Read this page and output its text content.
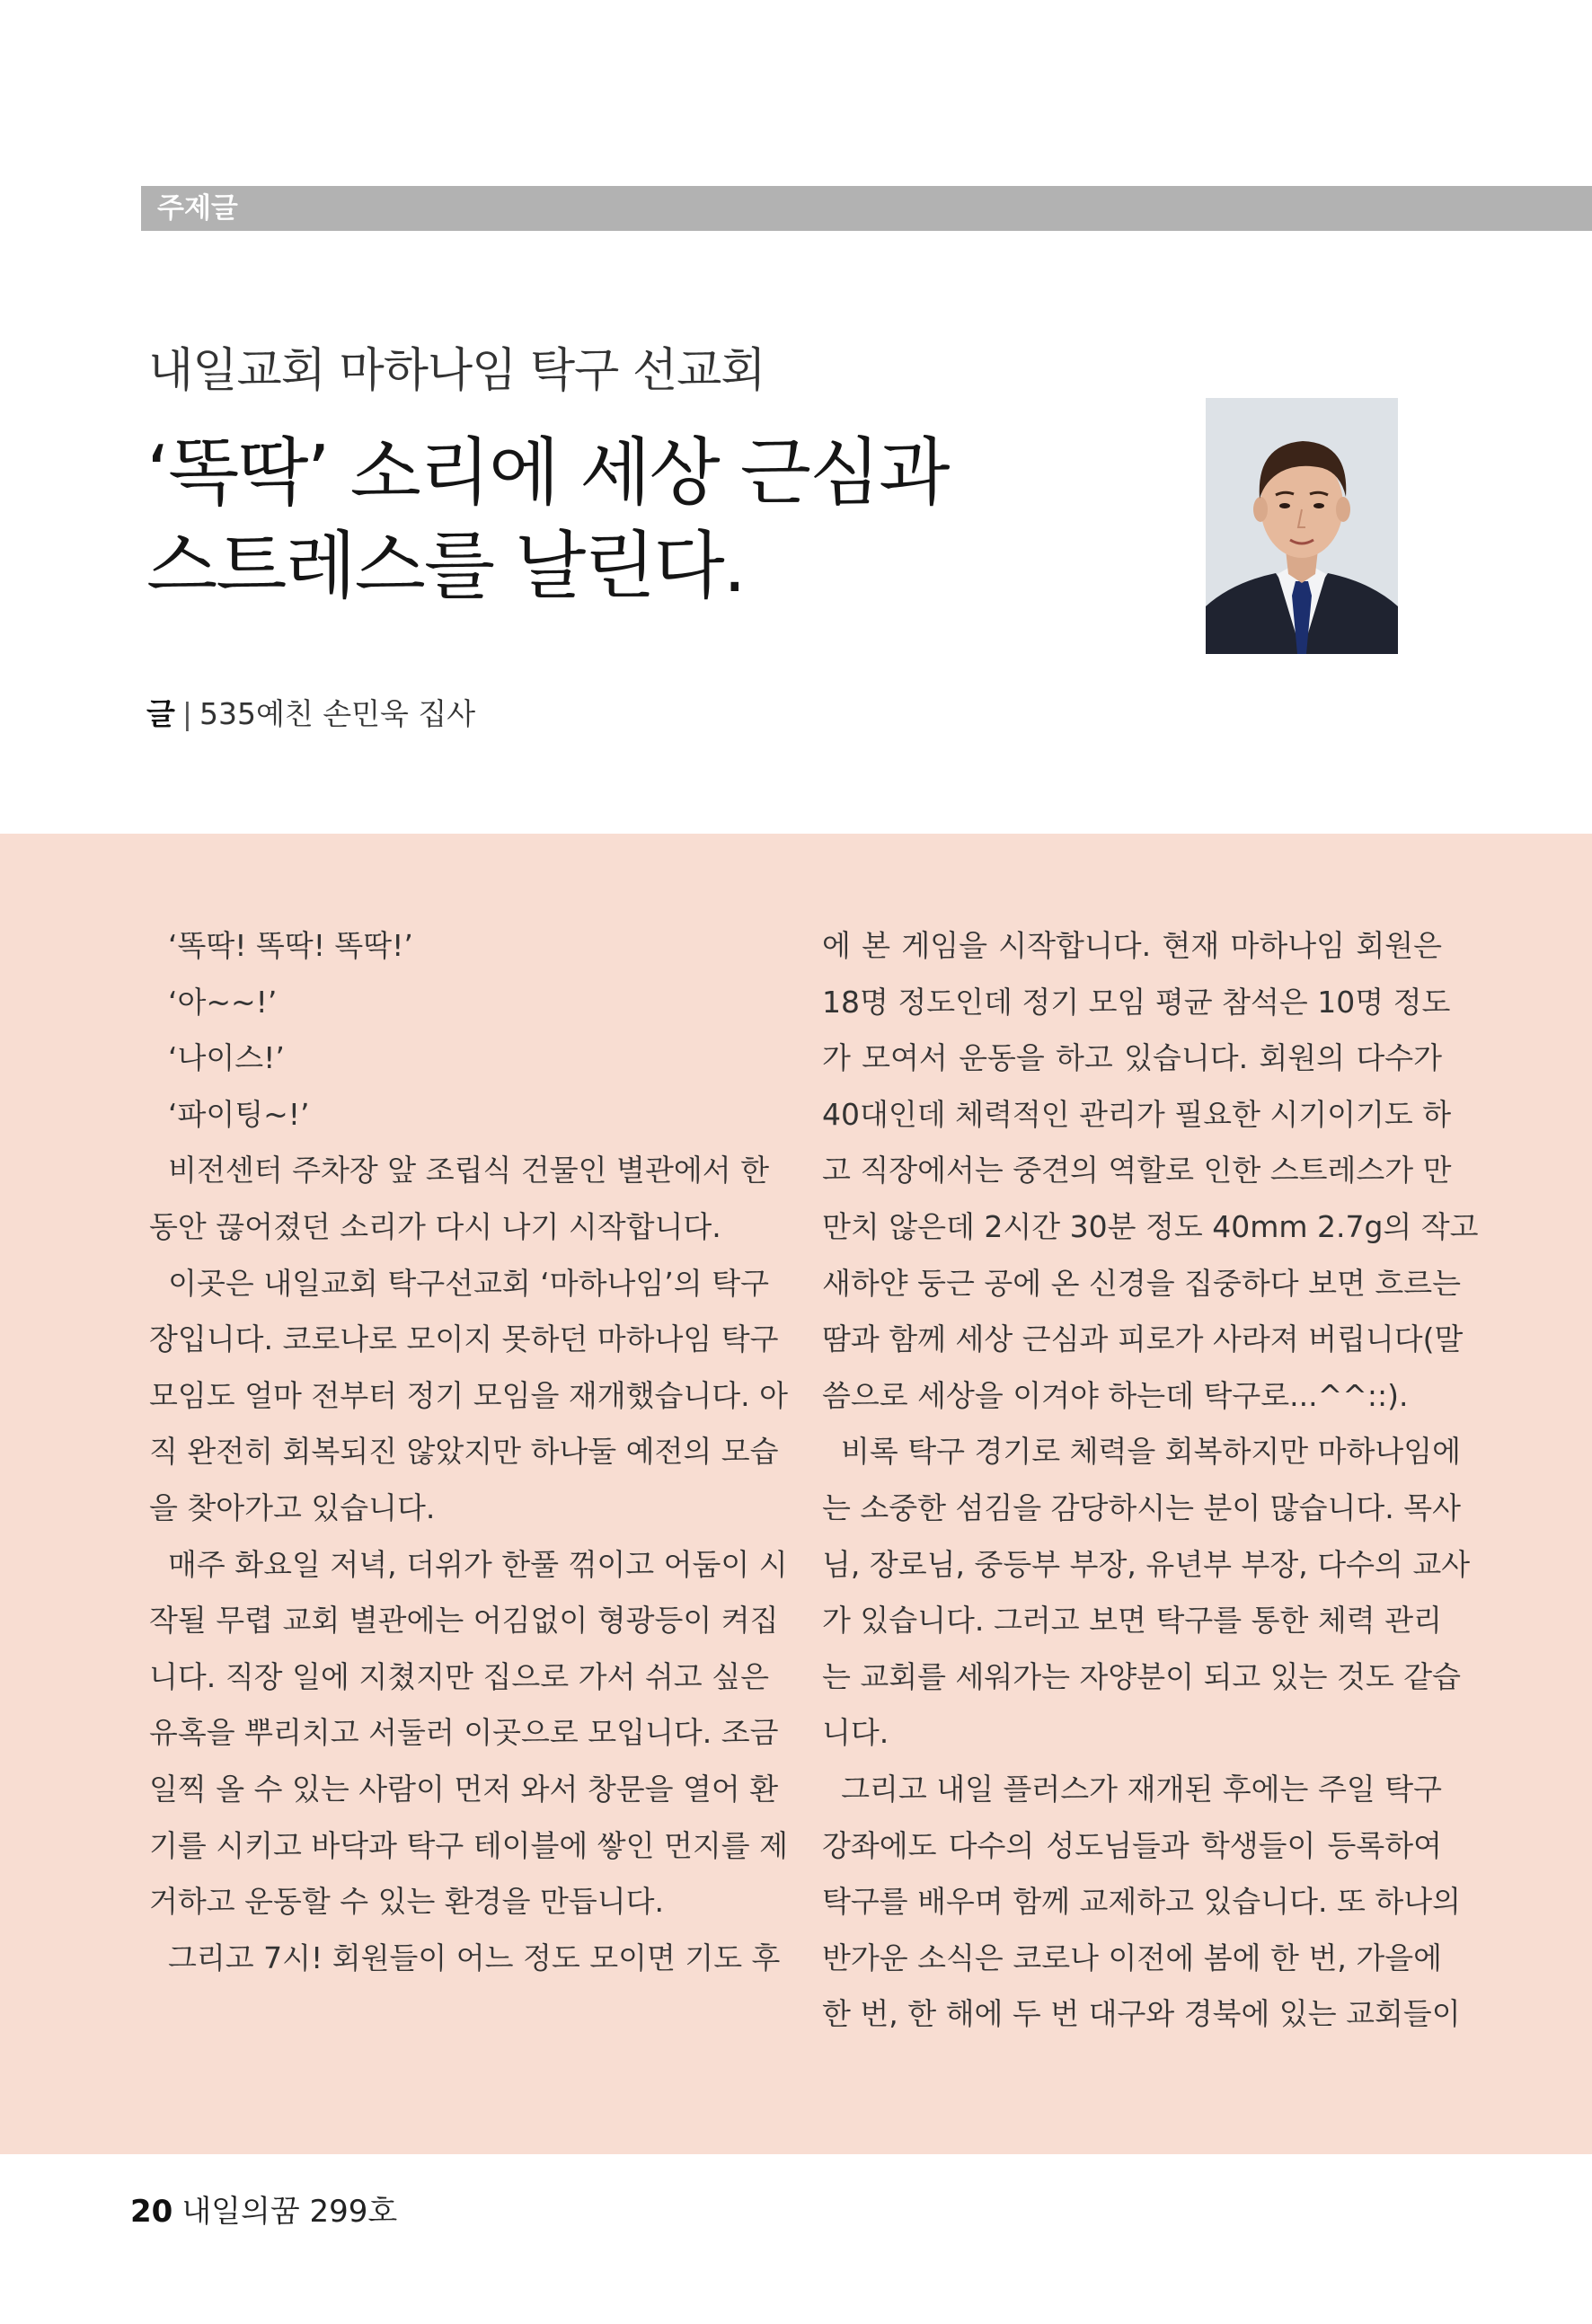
주제글
내일교회 마하나임 탁구 선교회
‘똑딱’ 소리에 세상 근심과
스트레스를 날린다.
글 | 535예친 손민욱 집사
‘똑딱! 똑딱! 똑딱!’
‘아~~!’
‘나이스!’
‘파이팅~!’
비전센터 주차장 앞 조립식 건물인 별관에서 한
동안 끊어졌던 소리가 다시 나기 시작합니다.
이곳은 내일교회 탁구선교회 ‘마하나임’의 탁구
장입니다. 코로나로 모이지 못하던 마하나임 탁구
모임도 얼마 전부터 정기 모임을 재개했습니다. 아
직 완전히 회복되진 않았지만 하나둘 예전의 모습
을 찾아가고 있습니다.
매주 화요일 저녁, 더위가 한풀 꺾이고 어둠이 시
작될 무렵 교회 별관에는 어김없이 형광등이 켜집
니다. 직장 일에 지쳤지만 집으로 가서 쉬고 싶은
유혹을 뿌리치고 서둘러 이곳으로 모입니다. 조금
일찍 올 수 있는 사람이 먼저 와서 창문을 열어 환
기를 시키고 바닥과 탁구 테이블에 쌓인 먼지를 제
거하고 운동할 수 있는 환경을 만듭니다.
그리고 7시! 회원들이 어느 정도 모이면 기도 후
에 본 게임을 시작합니다. 현재 마하나임 회원은
18명 정도인데 정기 모임 평균 참석은 10명 정도
가 모여서 운동을 하고 있습니다. 회원의 다수가
40대인데 체력적인 관리가 필요한 시기이기도 하
고 직장에서는 중견의 역할로 인한 스트레스가 만
만치 않은데 2시간 30분 정도 40mm 2.7g의 작고
새하얀 둥근 공에 온 신경을 집중하다 보면 흐르는
땀과 함께 세상 근심과 피로가 사라져 버립니다(말
씀으로 세상을 이겨야 하는데 탁구로...^^::).
비록 탁구 경기로 체력을 회복하지만 마하나임에
는 소중한 섬김을 감당하시는 분이 많습니다. 목사
님, 장로님, 중등부 부장, 유년부 부장, 다수의 교사
가 있습니다. 그러고 보면 탁구를 통한 체력 관리
는 교회를 세워가는 자양분이 되고 있는 것도 같습
니다.
그리고 내일 플러스가 재개된 후에는 주일 탁구
강좌에도 다수의 성도님들과 학생들이 등록하여
탁구를 배우며 함께 교제하고 있습니다. 또 하나의
반가운 소식은 코로나 이전에 봄에 한 번, 가을에
한 번, 한 해에 두 번 대구와 경북에 있는 교회들이
20 내일의꿈 299호
